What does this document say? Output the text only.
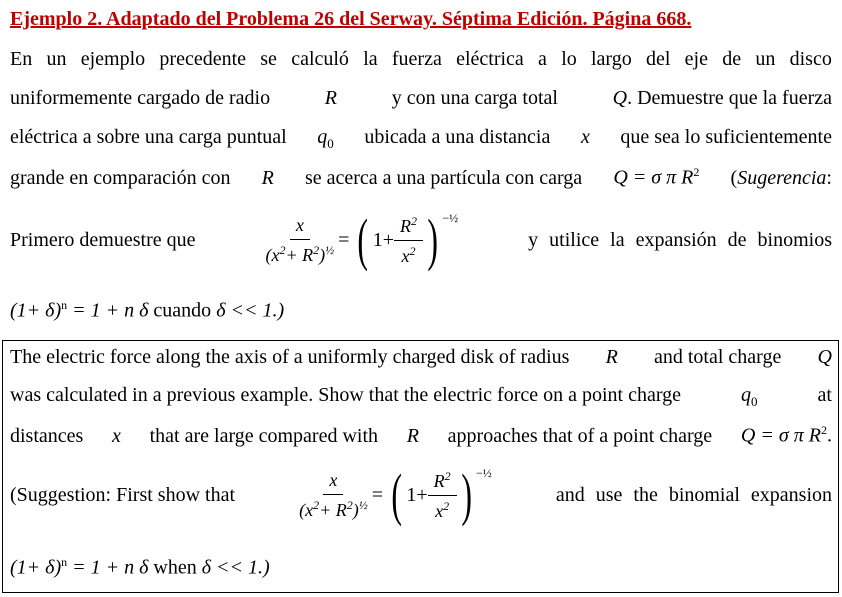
Ejemplo 2. Adaptado del Problema 26 del Serway. Séptima Edición. Página 668.
En un ejemplo precedente se calculó la fuerza eléctrica a lo largo del eje de un disco
uniformemente cargado de radio	R	y con una carga total	Q. Demuestre que la fuerza
eléctrica a sobre una carga puntual $q_0$ ubicada a una distancia x que sea lo suficientemente
grande en comparación con R se acerca a una partícula con carga Q = σ π $R^2$ (Sugerencia:
Primero demuestre que	$\frac{x}{(x^2+ R^2)^{\frac{1}{2}}}$ = ( $1+ \frac{R^2}{x^2}$ ) $^{-\frac{1}{2}}$
y utilice la expansión de binomios
$(1+ \delta)^n = 1 + n$ δ cuando δ << 1.)
The electric force along the axis of a uniformly charged disk of radius R and total charge Q
was calculated in a previous example. Show that the electric force on a point charge	$q_0$	at
distances x that are large compared with R approaches that of a point charge Q = σ π $R^2$.
(Suggestion: First show that	$\frac{x}{(x^2+ R^2)^{\frac{1}{2}}}$ = ( $1+ \frac{R^2}{x^2}$ ) $^{-\frac{1}{2}}$
and use the binomial expansion
$(1+ \delta)^n = 1 + n$ δ when δ << 1.)
